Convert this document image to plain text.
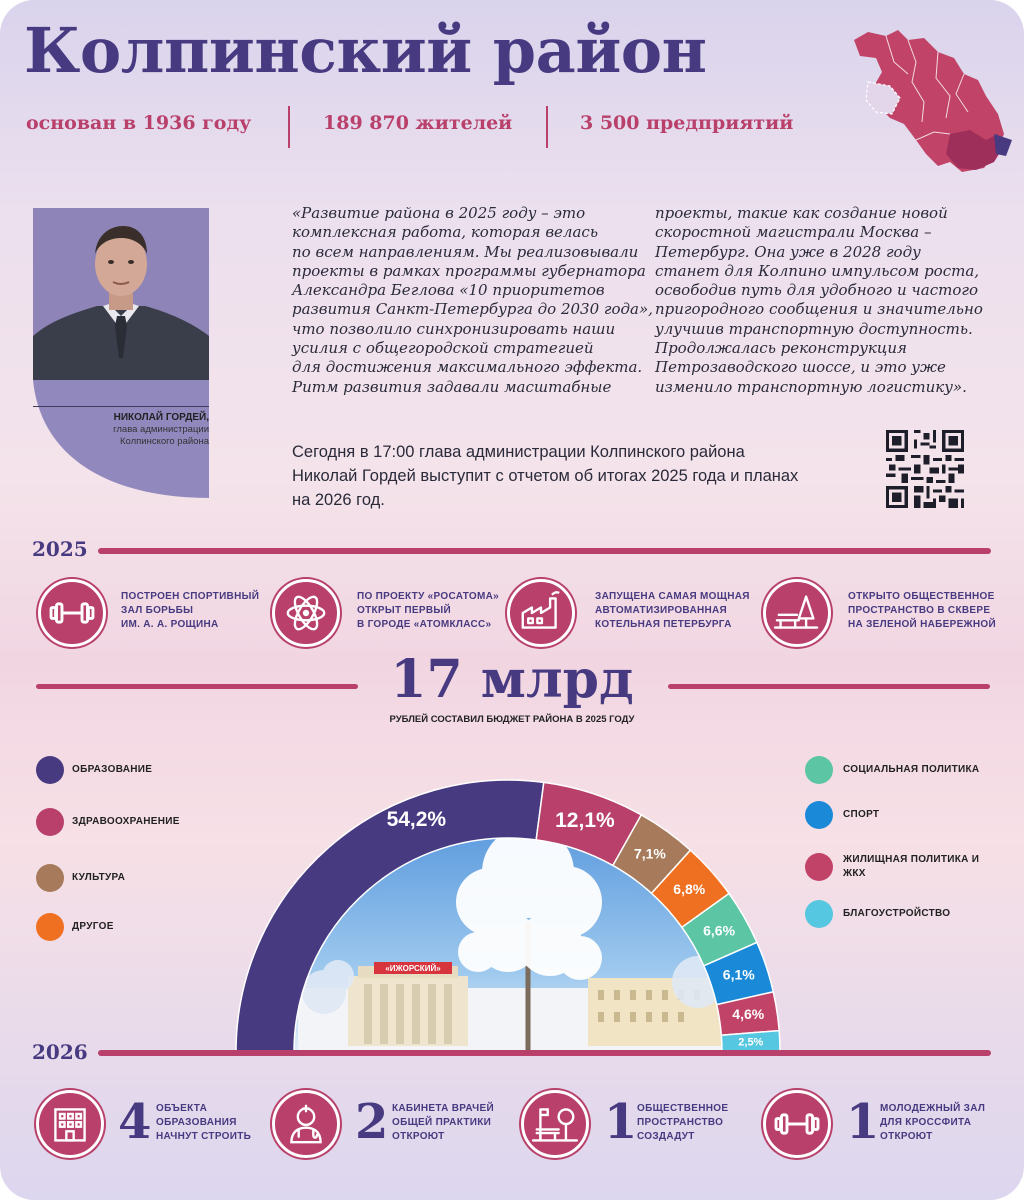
Колпинский район
основан в 1936 году	189 870 жителей	3 500 предприятий
НИКОЛАЙ ГОРДЕЙ,
глава администрации
Колпинского района
«Развитие района в 2025 году – это
комплексная работа, которая велась
по всем направлениям. Мы реализовывали
проекты в рамках программы губернатора
Александра Беглова «10 приоритетов
развития Санкт-Петербурга до 2030 года»,
что позволило синхронизировать наши
усилия с общегородской стратегией
для достижения максимального эффекта.
Ритм развития задавали масштабные
проекты, такие как создание новой
скоростной магистрали Москва –
Петербург. Она уже в 2028 году
станет для Колпино импульсом роста,
освободив путь для удобного и частого
пригородного сообщения и значительно
улучшив транспортную доступность.
Продолжалась реконструкция
Петрозаводского шоссе, и это уже
изменило транспортную логистику».
Сегодня в 17:00 глава администрации Колпинского района
Николай Гордей выступит с отчетом об итогах 2025 года и планах
на 2026 год.
2025
ПОСТРОЕН СПОРТИВНЫЙ
ЗАЛ БОРЬБЫ
ИМ. А. А. РОЩИНА
ПО ПРОЕКТУ «РОСАТОМА»
ОТКРЫТ ПЕРВЫЙ
В ГОРОДЕ «АТОМКЛАСС»
ЗАПУЩЕНА САМАЯ МОЩНАЯ
АВТОМАТИЗИРОВАННАЯ
КОТЕЛЬНАЯ ПЕТЕРБУРГА
ОТКРЫТО ОБЩЕСТВЕННОЕ
ПРОСТРАНСТВО В СКВЕРЕ
НА ЗЕЛЕНОЙ НАБЕРЕЖНОЙ
17 млрд
РУБЛЕЙ СОСТАВИЛ БЮДЖЕТ РАЙОНА В 2025 ГОДУ
ОБРАЗОВАНИЕ
ЗДРАВООХРАНЕНИЕ
КУЛЬТУРА
ДРУГОЕ
СОЦИАЛЬНАЯ ПОЛИТИКА
СПОРТ
ЖИЛИЩНАЯ ПОЛИТИКА И ЖКХ
БЛАГОУСТРОЙСТВО
«ИЖОРСКИЙ»
54,2%	12,1%
7,1%
6,8%
6,6%
6,1%
4,6%
2,5%
2026
4 ОБЪЕКТА
ОБРАЗОВАНИЯ
НАЧНУТ СТРОИТЬ 2 КАБИНЕТА ВРАЧЕЙ
ОБЩЕЙ ПРАКТИКИ
ОТКРОЮТ	1 ОБЩЕСТВЕННОЕ
ПРОСТРАНСТВО
СОЗДАДУТ	1 МОЛОДЕЖНЫЙ ЗАЛ
ДЛЯ КРОССФИТА
ОТКРОЮТ
